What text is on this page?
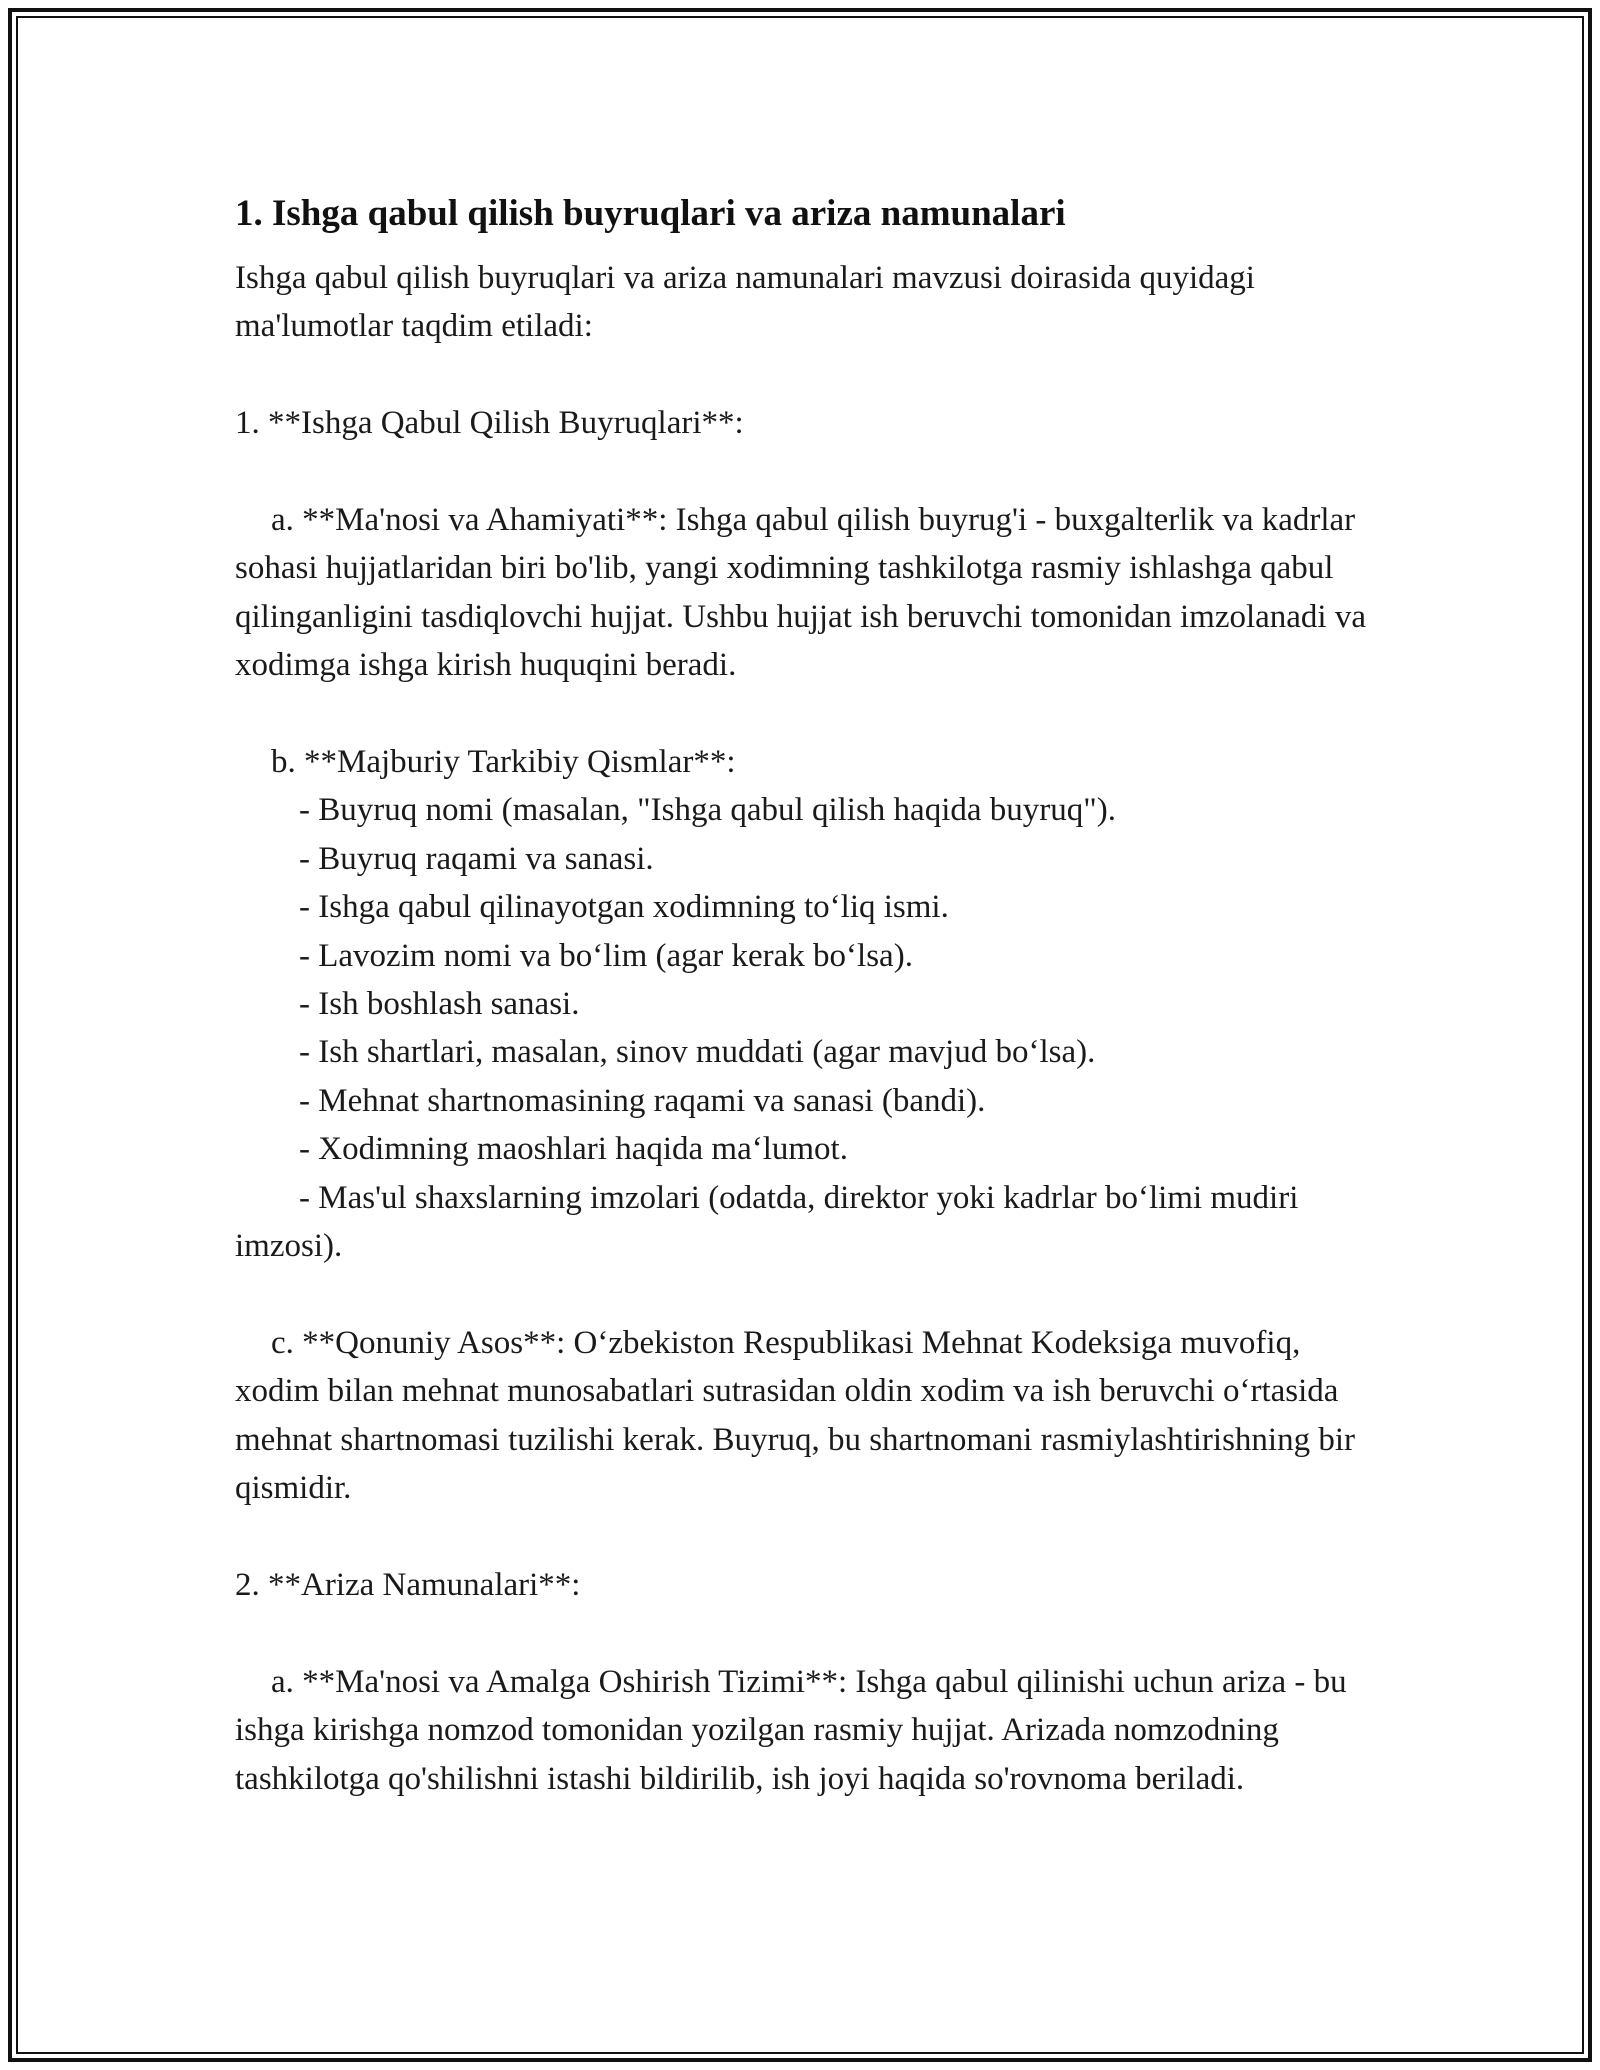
1. Ishga qabul qilish buyruqlari va ariza namunalari

Ishga qabul qilish buyruqlari va ariza namunalari mavzusi doirasida quyidagi ma'lumotlar taqdim etiladi:

1. **Ishga Qabul Qilish Buyruqlari**:

a. **Ma'nosi va Ahamiyati**: Ishga qabul qilish buyrug'i - buxgalterlik va kadrlar sohasi hujjatlaridan biri bo'lib, yangi xodimning tashkilotga rasmiy ishlashga qabul qilinganligini tasdiqlovchi hujjat. Ushbu hujjat ish beruvchi tomonidan imzolanadi va xodimga ishga kirish huquqini beradi.

b. **Majburiy Tarkibiy Qismlar**:

- Buyruq nomi (masalan, "Ishga qabul qilish haqida buyruq").

- Buyruq raqami va sanasi.

- Ishga qabul qilinayotgan xodimning to‘liq ismi.

- Lavozim nomi va bo‘lim (agar kerak bo‘lsa).

- Ish boshlash sanasi.

- Ish shartlari, masalan, sinov muddati (agar mavjud bo‘lsa).

- Mehnat shartnomasining raqami va sanasi (bandi).

- Xodimning maoshlari haqida ma‘lumot.

- Mas'ul shaxslarning imzolari (odatda, direktor yoki kadrlar bo‘limi mudiri imzosi).

c. **Qonuniy Asos**: O‘zbekiston Respublikasi Mehnat Kodeksiga muvofiq, xodim bilan mehnat munosabatlari sutrasidan oldin xodim va ish beruvchi o‘rtasida mehnat shartnomasi tuzilishi kerak. Buyruq, bu shartnomani rasmiylashtirishning bir qismidir.

2. **Ariza Namunalari**:

a. **Ma'nosi va Amalga Oshirish Tizimi**: Ishga qabul qilinishi uchun ariza - bu ishga kirishga nomzod tomonidan yozilgan rasmiy hujjat. Arizada nomzodning tashkilotga qo'shilishni istashi bildirilib, ish joyi haqida so'rovnoma beriladi.
